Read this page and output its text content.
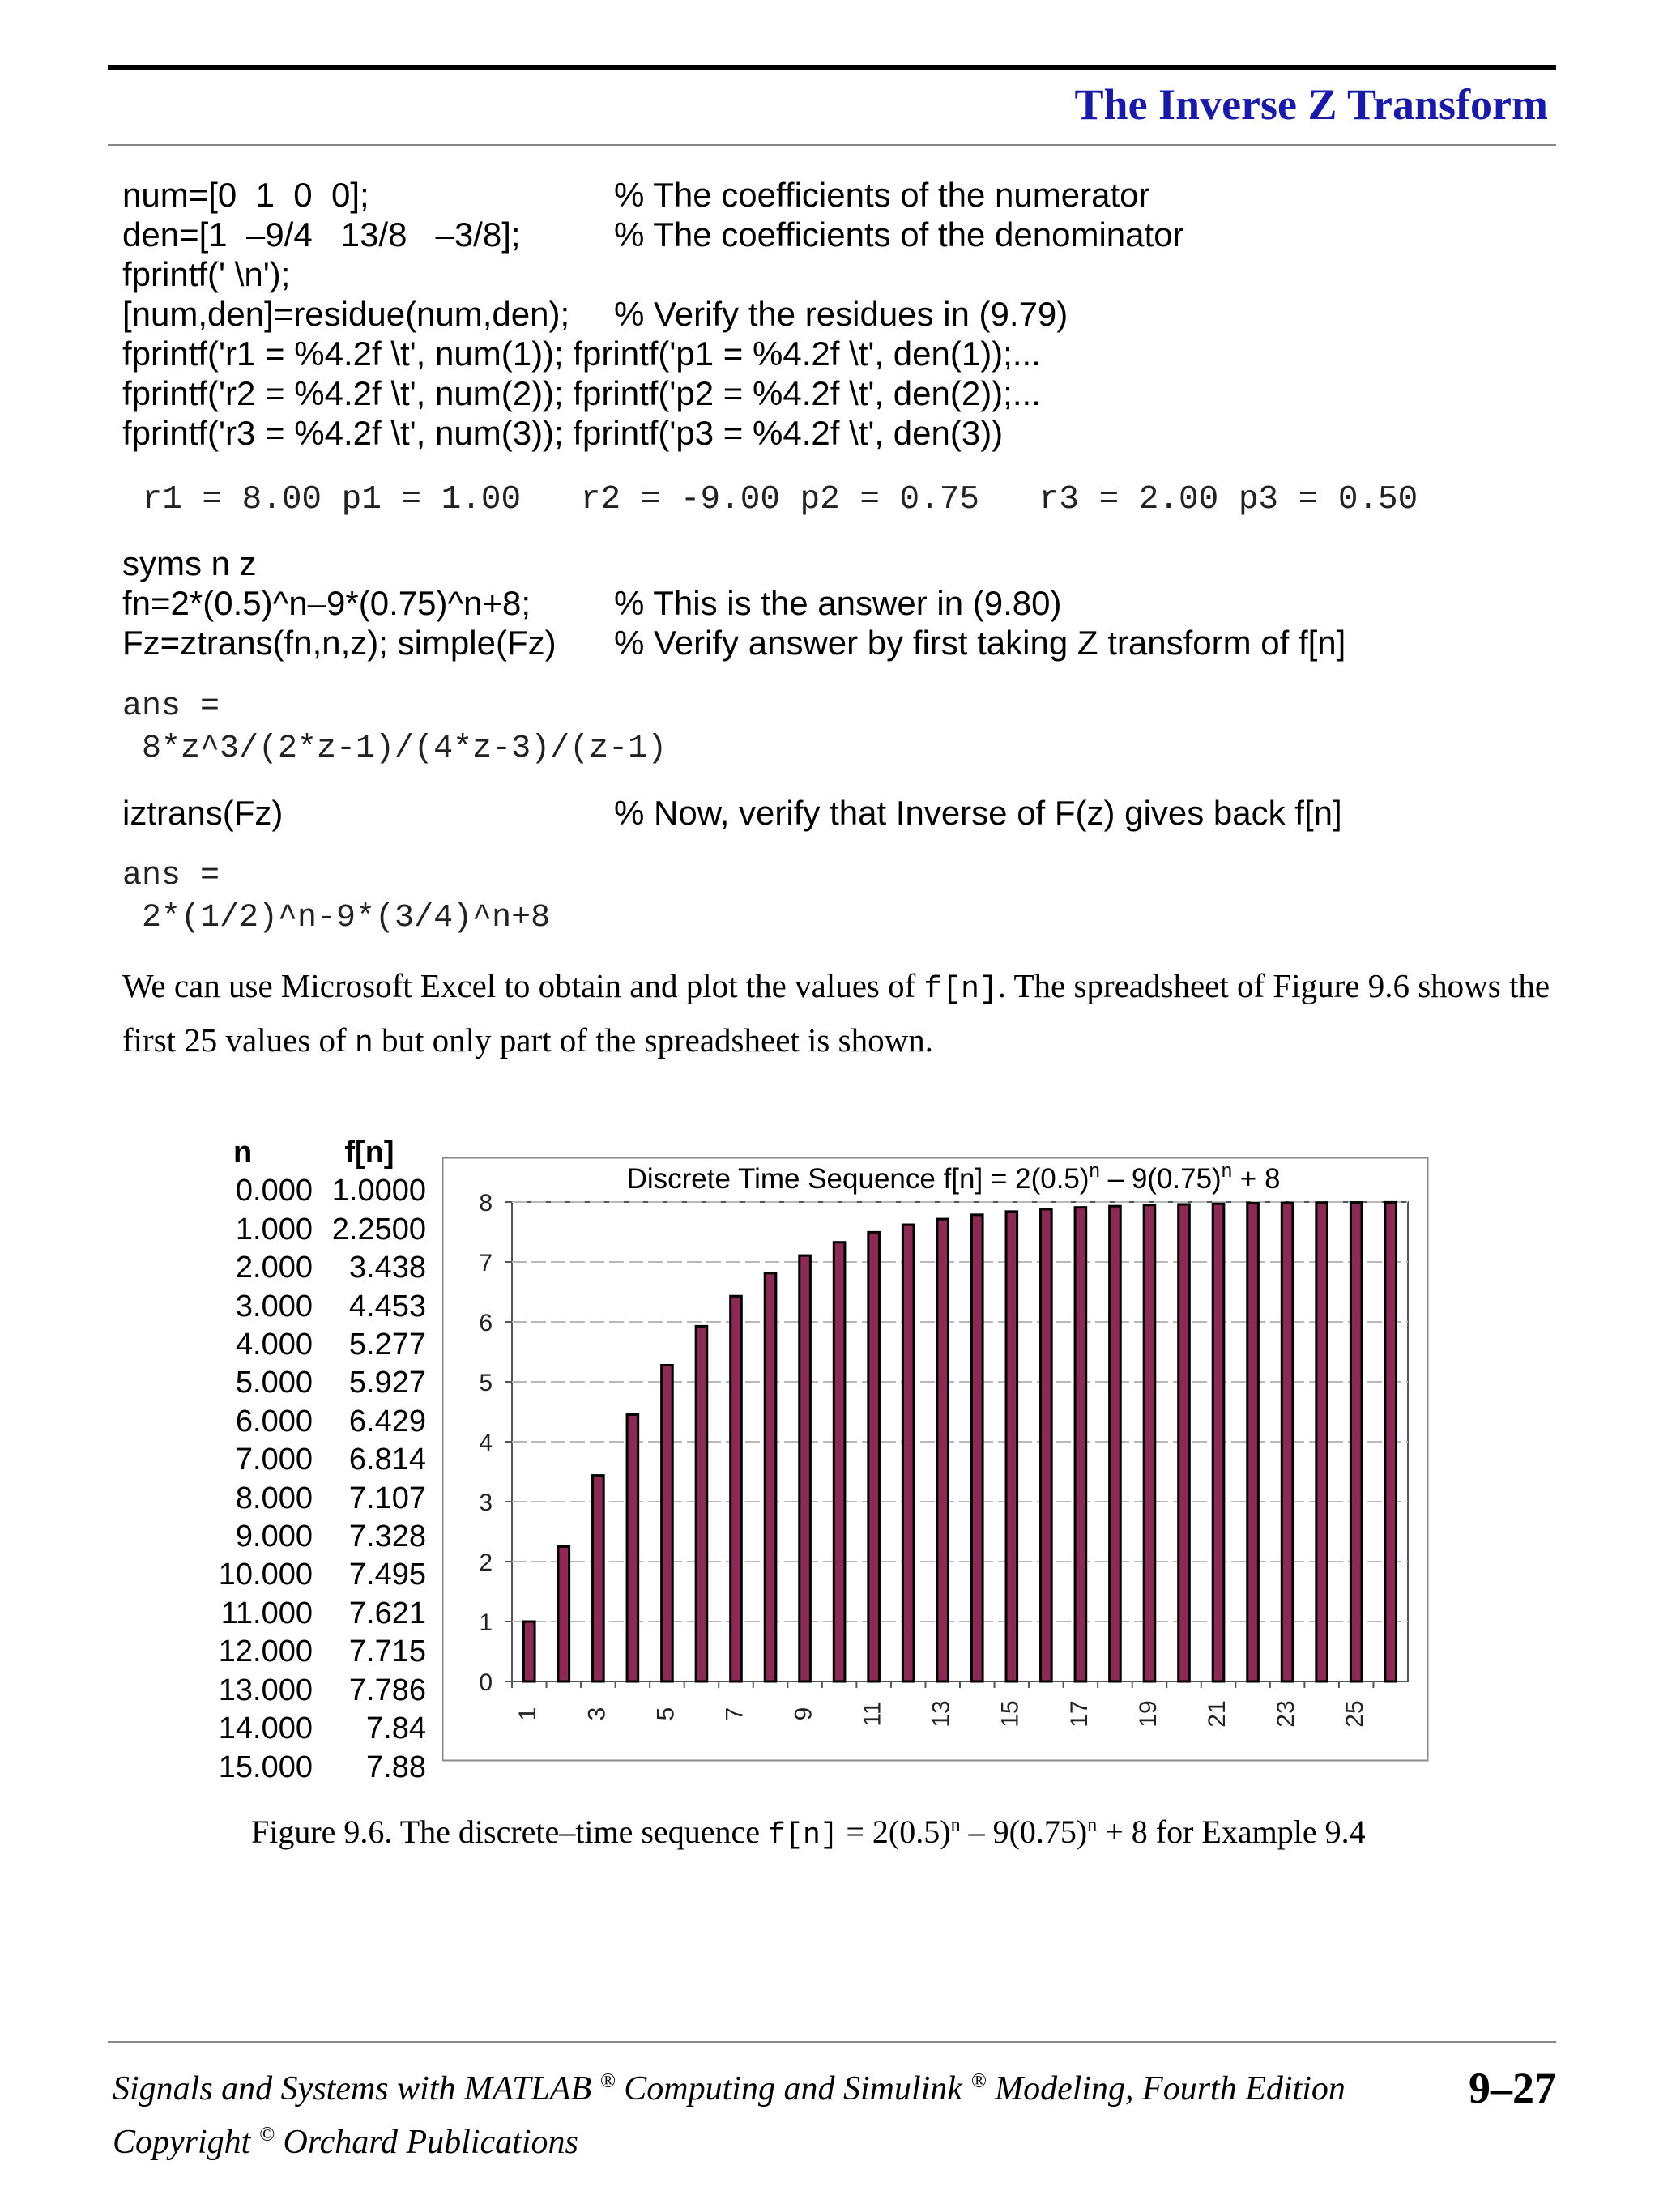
The Inverse Z Transform
num=[0  1  0  0];	% The coefficients of the numerator
den=[1  –9/4   13/8   –3/8];	% The coefficients of the denominator
fprintf(' \n');
[num,den]=residue(num,den); % Verify the residues in (9.79)
fprintf('r1 = %4.2f \t', num(1)); fprintf('p1 = %4.2f \t', den(1));...
fprintf('r2 = %4.2f \t', num(2)); fprintf('p2 = %4.2f \t', den(2));...
fprintf('r3 = %4.2f \t', num(3)); fprintf('p3 = %4.2f \t', den(3))
r1 = 8.00 p1 = 1.00   r2 = -9.00 p2 = 0.75   r3 = 2.00 p3 = 0.50
syms n z
fn=2*(0.5)^n–9*(0.75)^n+8; % This is the answer in (9.80)
Fz=ztrans(fn,n,z); simple(Fz) % Verify answer by first taking Z transform of f[n]
ans =
8*z^3/(2*z-1)/(4*z-3)/(z-1)
iztrans(Fz)	% Now, verify that Inverse of F(z) gives back f[n]
ans =
2*(1/2)^n-9*(3/4)^n+8
We can use Microsoft Excel to obtain and plot the values of f[n]. The spreadsheet of Figure 9.6 shows the first 25 values of n but only part of the spreadsheet is shown.
n	f[n]
0.000 1.0000
1.000 2.2500
2.000	3.438
3.000	4.453
4.000	5.277
5.000	5.927
6.000	6.429
7.000	6.814
8.000	7.107
9.000	7.328
10.000	7.495
11.000	7.621
12.000	7.715
13.000	7.786
14.000	7.84
15.000	7.88
0
1
2
3
4
5
6
7
8
1 3 5 7 9 11 13 15 17 19 21 23 25
Discrete Time Sequence $f[n] = 2(0.5)^n - 9(0.75)^n + 8$
Figure 9.6. The discrete–time sequence $f[n] = 2(0.5)^n - 9(0.75)^n + 8$ for Example 9.4
Signals and Systems with MATLAB ® Computing and Simulink ® Modeling, Fourth Edition
Copyright © Orchard Publications
9–27
